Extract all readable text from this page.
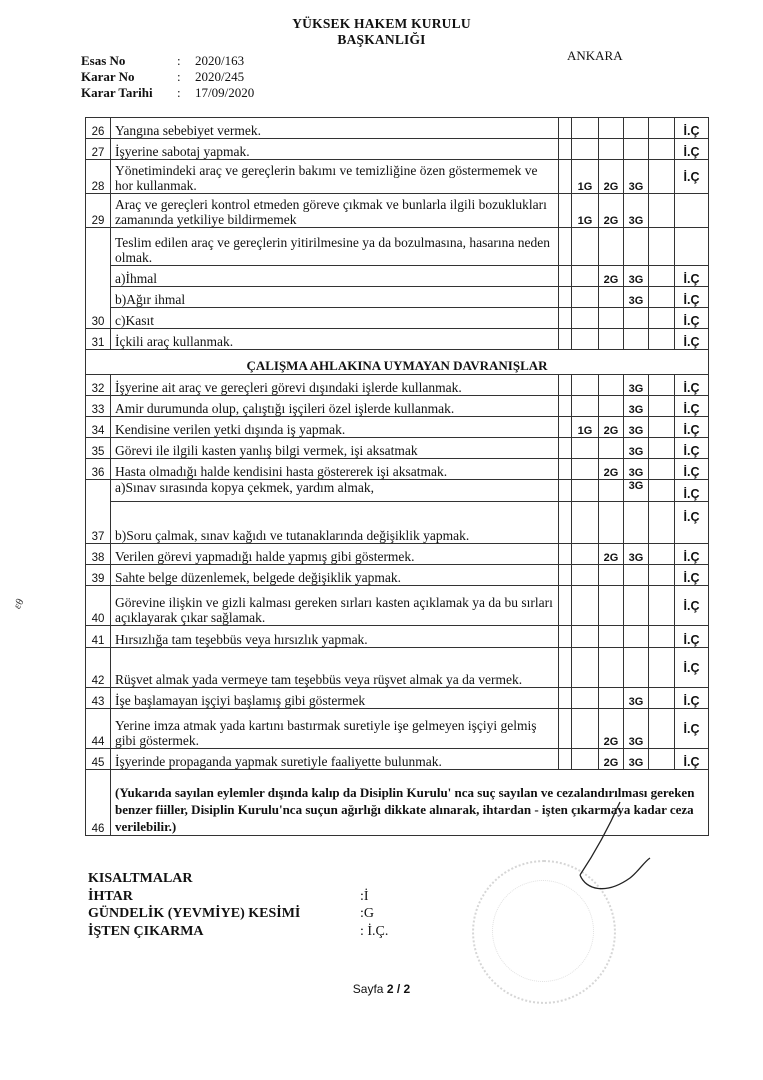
YÜKSEK HAKEM KURULU
BAŞKANLIĞI
ANKARA
Esas No	:	2020/163
Karar No	:	2020/245
Karar Tarihi	:	17/09/2020
26	Yangına sebebiyet vermek.						İ.Ç
27	İşyerine sabotaj yapmak.						İ.Ç
28	Yönetimindeki araç ve gereçlerin bakımı ve temizliğine özen göstermemek ve hor kullanmak.		1G	2G	3G		İ.Ç
29	Araç ve gereçleri kontrol etmeden göreve çıkmak ve bunlarla ilgili bozuklukları zamanında yetkiliye bildirmemek		1G	2G	3G		
30	Teslim edilen araç ve gereçlerin yitirilmesine ya da bozulmasına, hasarına neden olmak.						
	a)İhmal			2G	3G		İ.Ç
	b)Ağır ihmal				3G		İ.Ç
	c)Kasıt						İ.Ç
31	İçkili araç kullanmak.						İ.Ç
ÇALIŞMA AHLAKINA UYMAYAN DAVRANIŞLAR							
32	İşyerine ait araç ve gereçleri görevi dışındaki işlerde kullanmak.				3G		İ.Ç
33	Amir durumunda olup, çalıştığı işçileri özel işlerde kullanmak.				3G		İ.Ç
34	Kendisine verilen yetki dışında iş yapmak.		1G	2G	3G		İ.Ç
35	Görevi ile ilgili kasten yanlış bilgi vermek, işi aksatmak				3G		İ.Ç
36	Hasta olmadığı halde kendisini hasta göstererek işi aksatmak.			2G	3G		İ.Ç
37	a)Sınav sırasında kopya çekmek, yardım almak,				3G		İ.Ç
	b)Soru çalmak, sınav kağıdı ve tutanaklarında değişiklik yapmak.						İ.Ç
38	Verilen görevi yapmadığı halde yapmış gibi göstermek.			2G	3G		İ.Ç
39	Sahte belge düzenlemek, belgede değişiklik yapmak.						İ.Ç
40	Görevine ilişkin ve gizli kalması gereken sırları kasten açıklamak ya da bu sırları açıklayarak çıkar sağlamak.						İ.Ç
41	Hırsızlığa tam teşebbüs veya hırsızlık yapmak.						İ.Ç
42	Rüşvet almak yada vermeye tam teşebbüs veya rüşvet almak ya da vermek.						İ.Ç
43	İşe başlamayan işçiyi başlamış gibi göstermek				3G		İ.Ç
44	Yerine imza atmak yada kartını bastırmak suretiyle işe gelmeyen işçiyi gelmiş gibi göstermek.			2G	3G		İ.Ç
45	İşyerinde propaganda yapmak suretiyle faaliyette bulunmak.			2G	3G		İ.Ç
46	(Yukarıda sayılan eylemler dışında kalıp da Disiplin Kurulu' nca suç sayılan ve cezalandırılması gereken benzer fiiller, Disiplin Kurulu'nca suçun ağırlığı dikkate alınarak, ihtardan - işten çıkarmaya kadar ceza verilebilir.)						
KISALTMALAR
İHTAR	:İ
GÜNDELİK (YEVMİYE) KESİMİ	:G
İŞTEN ÇIKARMA	: İ.Ç.
εθ
Sayfa 2 / 2
